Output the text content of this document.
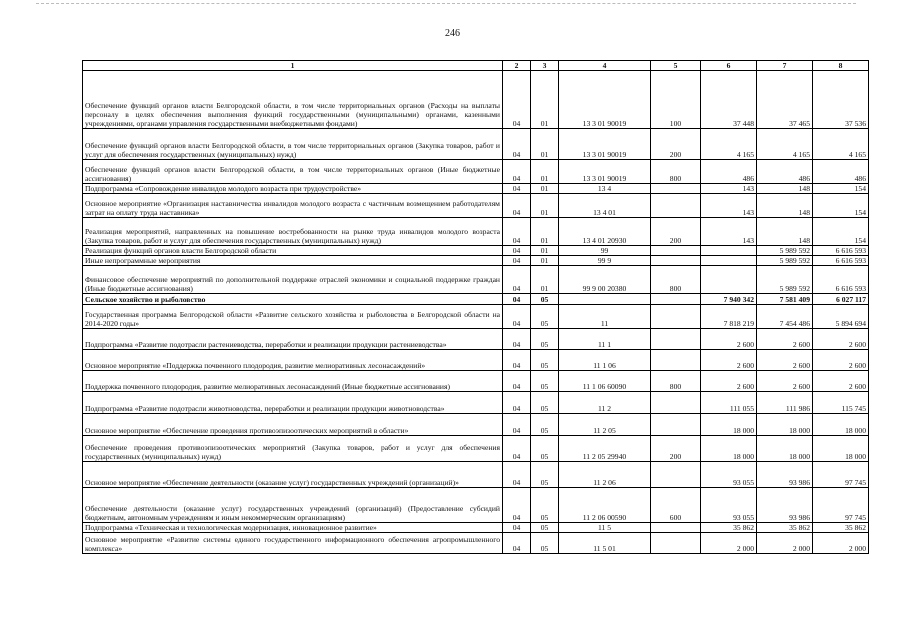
246
1	2	3	4	5	6	7	8
Обеспечение функций органов власти Белгородской области, в том числе территориальных органов (Расходы на выплаты персоналу в целях обеспечения выполнения функций государственными (муниципальными) органами, казенными учреждениями, органами управления государственными внебюджетными фондами)	04	01	13 3 01 90019	100	37 448	37 465	37 536
Обеспечение функций органов власти Белгородской области, в том числе территориальных органов (Закупка товаров, работ и услуг для обеспечения государственных (муниципальных) нужд)	04	01	13 3 01 90019	200	4 165	4 165	4 165
Обеспечение функций органов власти Белгородской области, в том числе территориальных органов (Иные бюджетные ассигнования)	04	01	13 3 01 90019	800	486	486	486
Подпрограмма «Сопровождение инвалидов молодого возраста при трудоустройстве»	04	01	13 4		143	148	154
Основное мероприятие «Организация наставничества инвалидов молодого возраста с частичным возмещением работодателям затрат на оплату труда наставника»	04	01	13 4 01		143	148	154
Реализация мероприятий, направленных на повышение востребованности на рынке труда инвалидов молодого возраста (Закупка товаров, работ и услуг для обеспечения государственных (муниципальных) нужд)	04	01	13 4 01 20930	200	143	148	154
Реализация функций органов власти Белгородской области	04	01	99			5 989 592	6 616 593
Иные непрограммные мероприятия	04	01	99 9			5 989 592	6 616 593
Финансовое обеспечение мероприятий по дополнительной поддержке отраслей экономики и социальной поддержке граждан (Иные бюджетные ассигнования)	04	01	99 9 00 20380	800		5 989 592	6 616 593
Сельское хозяйство и рыболовство	04	05			7 940 342	7 581 409	6 027 117
Государственная программа Белгородской области «Развитие сельского хозяйства и рыболовства в Белгородской области на 2014-2020 годы»	04	05	11		7 818 219	7 454 486	5 894 694
Подпрограмма «Развитие подотрасли растениеводства, переработки и реализации продукции растениеводства»	04	05	11 1		2 600	2 600	2 600
Основное мероприятие «Поддержка почвенного плодородия, развитие мелиоративных лесонасаждений»	04	05	11 1 06		2 600	2 600	2 600
Поддержка почвенного плодородия, развитие мелиоративных лесонасаждений (Иные бюджетные ассигнования)	04	05	11 1 06 60090	800	2 600	2 600	2 600
Подпрограмма «Развитие подотрасли животноводства, переработки и реализации продукции животноводства»	04	05	11 2		111 055	111 986	115 745
Основное мероприятие «Обеспечение проведения противоэпизоотических мероприятий в области»	04	05	11 2 05		18 000	18 000	18 000
Обеспечение проведения противоэпизоотических мероприятий (Закупка товаров, работ и услуг для обеспечения государственных (муниципальных) нужд)	04	05	11 2 05 29940	200	18 000	18 000	18 000
Основное мероприятие «Обеспечение деятельности (оказание услуг) государственных учреждений (организаций)»	04	05	11 2 06		93 055	93 986	97 745
Обеспечение деятельности (оказание услуг) государственных учреждений (организаций) (Предоставление субсидий бюджетным, автономным учреждениям и иным некоммерческим организациям)	04	05	11 2 06 00590	600	93 055	93 986	97 745
Подпрограмма «Техническая и технологическая модернизация, инновационное развитие»	04	05	11 5		35 862	35 862	35 862
Основное мероприятие «Развитие системы единого государственного информационного обеспечения агропромышленного комплекса»	04	05	11 5 01		2 000	2 000	2 000
